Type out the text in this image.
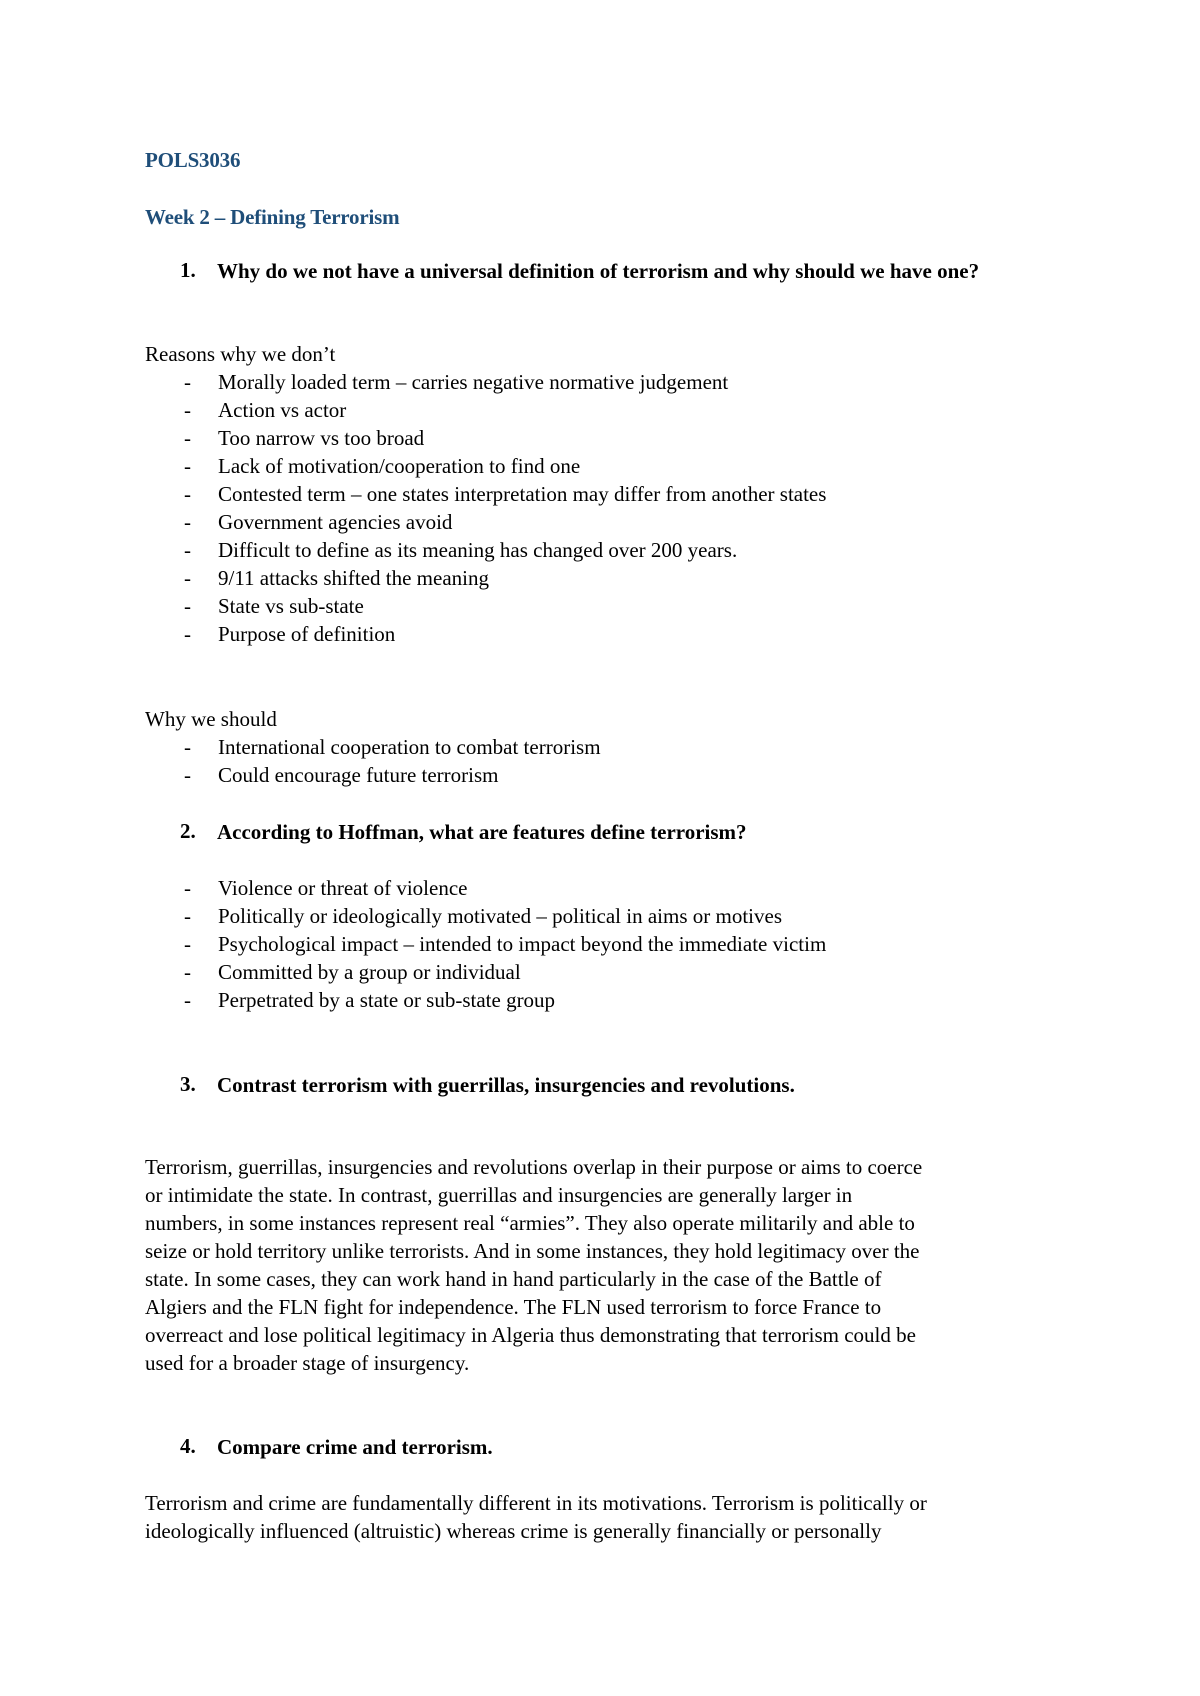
POLS3036
Week 2 – Defining Terrorism
1. Why do we not have a universal definition of terrorism and why should we have one?
Reasons why we don’t
- Morally loaded term – carries negative normative judgement
- Action vs actor
- Too narrow vs too broad
- Lack of motivation/cooperation to find one
- Contested term – one states interpretation may differ from another states
- Government agencies avoid
- Difficult to define as its meaning has changed over 200 years.
- 9/11 attacks shifted the meaning
- State vs sub-state
- Purpose of definition
Why we should
- International cooperation to combat terrorism
- Could encourage future terrorism
2. According to Hoffman, what are features define terrorism?
- Violence or threat of violence
- Politically or ideologically motivated – political in aims or motives
- Psychological impact – intended to impact beyond the immediate victim
- Committed by a group or individual
- Perpetrated by a state or sub-state group
3. Contrast terrorism with guerrillas, insurgencies and revolutions.
Terrorism, guerrillas, insurgencies and revolutions overlap in their purpose or aims to coerce
or intimidate the state. In contrast, guerrillas and insurgencies are generally larger in
numbers, in some instances represent real “armies”. They also operate militarily and able to
seize or hold territory unlike terrorists. And in some instances, they hold legitimacy over the
state. In some cases, they can work hand in hand particularly in the case of the Battle of
Algiers and the FLN fight for independence. The FLN used terrorism to force France to
overreact and lose political legitimacy in Algeria thus demonstrating that terrorism could be
used for a broader stage of insurgency.
4. Compare crime and terrorism.
Terrorism and crime are fundamentally different in its motivations. Terrorism is politically or
ideologically influenced (altruistic) whereas crime is generally financially or personally
